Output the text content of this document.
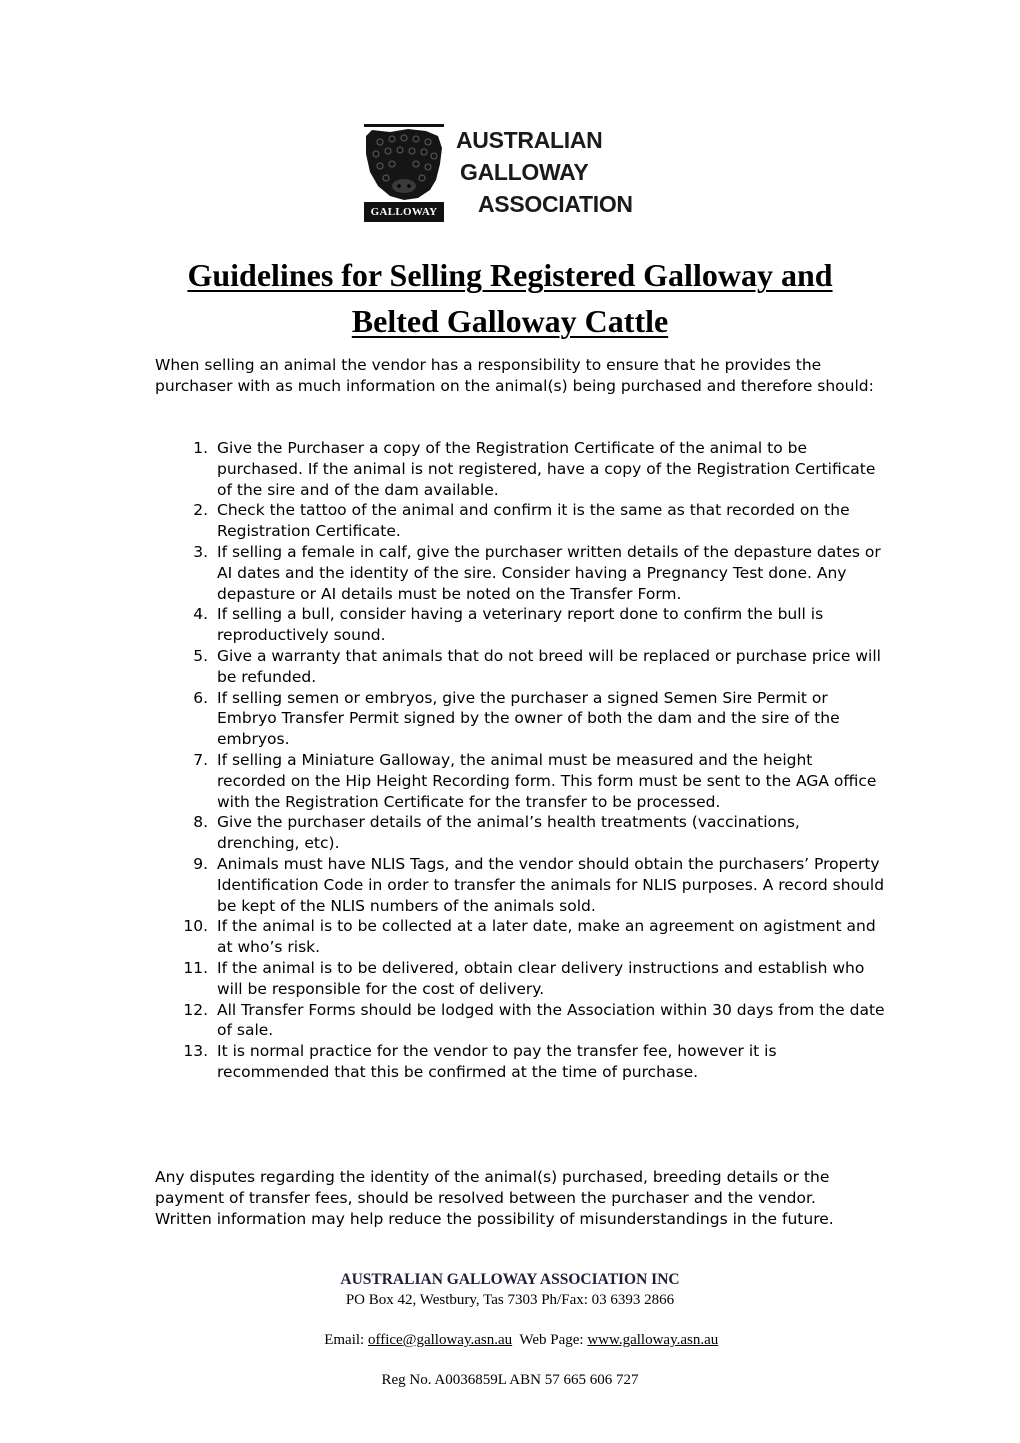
GALLOWAY
AUSTRALIAN
GALLOWAY
ASSOCIATION
Guidelines for Selling Registered Galloway and
Belted Galloway Cattle

When selling an animal the vendor has a responsibility to ensure that he provides the purchaser with as much information on the animal(s) being purchased and therefore should:

1. Give the Purchaser a copy of the Registration Certificate of the animal to be purchased. If the animal is not registered, have a copy of the Registration Certificate of the sire and of the dam available.
2. Check the tattoo of the animal and confirm it is the same as that recorded on the Registration Certificate.
3. If selling a female in calf, give the purchaser written details of the depasture dates or AI dates and the identity of the sire. Consider having a Pregnancy Test done. Any depasture or AI details must be noted on the Transfer Form.
4. If selling a bull, consider having a veterinary report done to confirm the bull is reproductively sound.
5. Give a warranty that animals that do not breed will be replaced or purchase price will be refunded.
6. If selling semen or embryos, give the purchaser a signed Semen Sire Permit or Embryo Transfer Permit signed by the owner of both the dam and the sire of the embryos.
7. If selling a Miniature Galloway, the animal must be measured and the height recorded on the Hip Height Recording form. This form must be sent to the AGA office with the Registration Certificate for the transfer to be processed.
8. Give the purchaser details of the animal’s health treatments (vaccinations, drenching, etc).
9. Animals must have NLIS Tags, and the vendor should obtain the purchasers’ Property Identification Code in order to transfer the animals for NLIS purposes. A record should be kept of the NLIS numbers of the animals sold.
10. If the animal is to be collected at a later date, make an agreement on agistment and at who’s risk.
11. If the animal is to be delivered, obtain clear delivery instructions and establish who will be responsible for the cost of delivery.
12. All Transfer Forms should be lodged with the Association within 30 days from the date of sale.
13. It is normal practice for the vendor to pay the transfer fee, however it is recommended that this be confirmed at the time of purchase.

Any disputes regarding the identity of the animal(s) purchased, breeding details or the payment of transfer fees, should be resolved between the purchaser and the vendor. Written information may help reduce the possibility of misunderstandings in the future.

AUSTRALIAN GALLOWAY ASSOCIATION INC
PO Box 42, Westbury, Tas 7303 Ph/Fax: 03 6393 2866

Email: office@galloway.asn.au  Web Page: www.galloway.asn.au

Reg No. A0036859L ABN 57 665 606 727
